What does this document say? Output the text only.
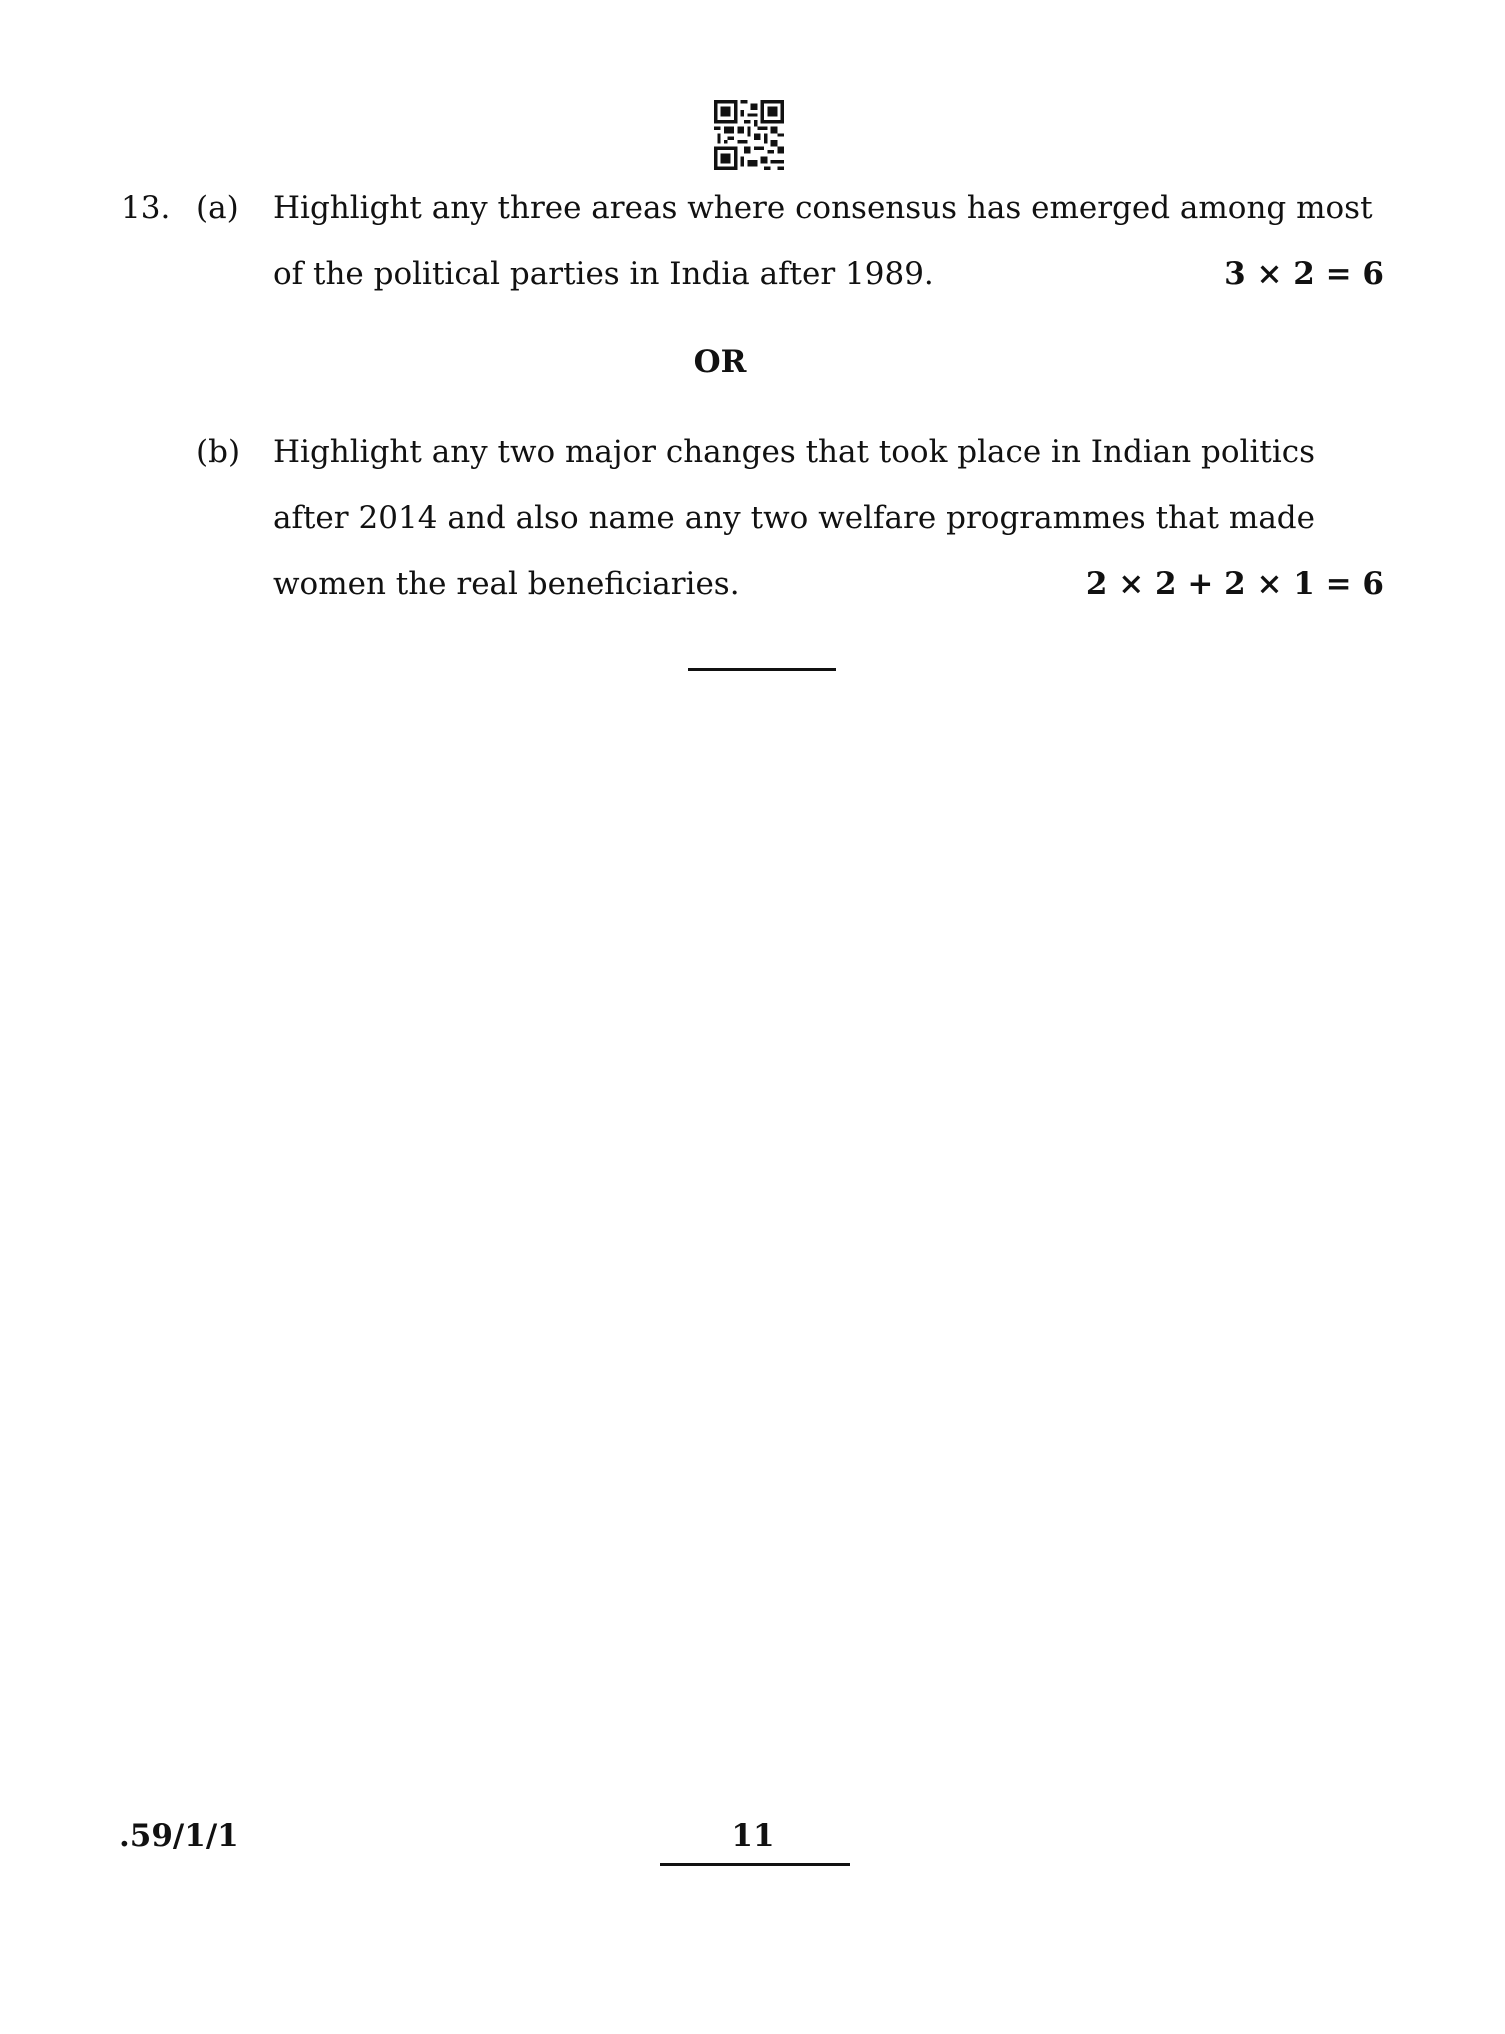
13. (a) Highlight any three areas where consensus has emerged among most
of the political parties in India after 1989.	3 × 2 = 6
OR
(b) Highlight any two major changes that took place in Indian politics
after 2014 and also name any two welfare programmes that made
women the real beneficiaries.	2 × 2 + 2 × 1 = 6
.59/1/1	11
